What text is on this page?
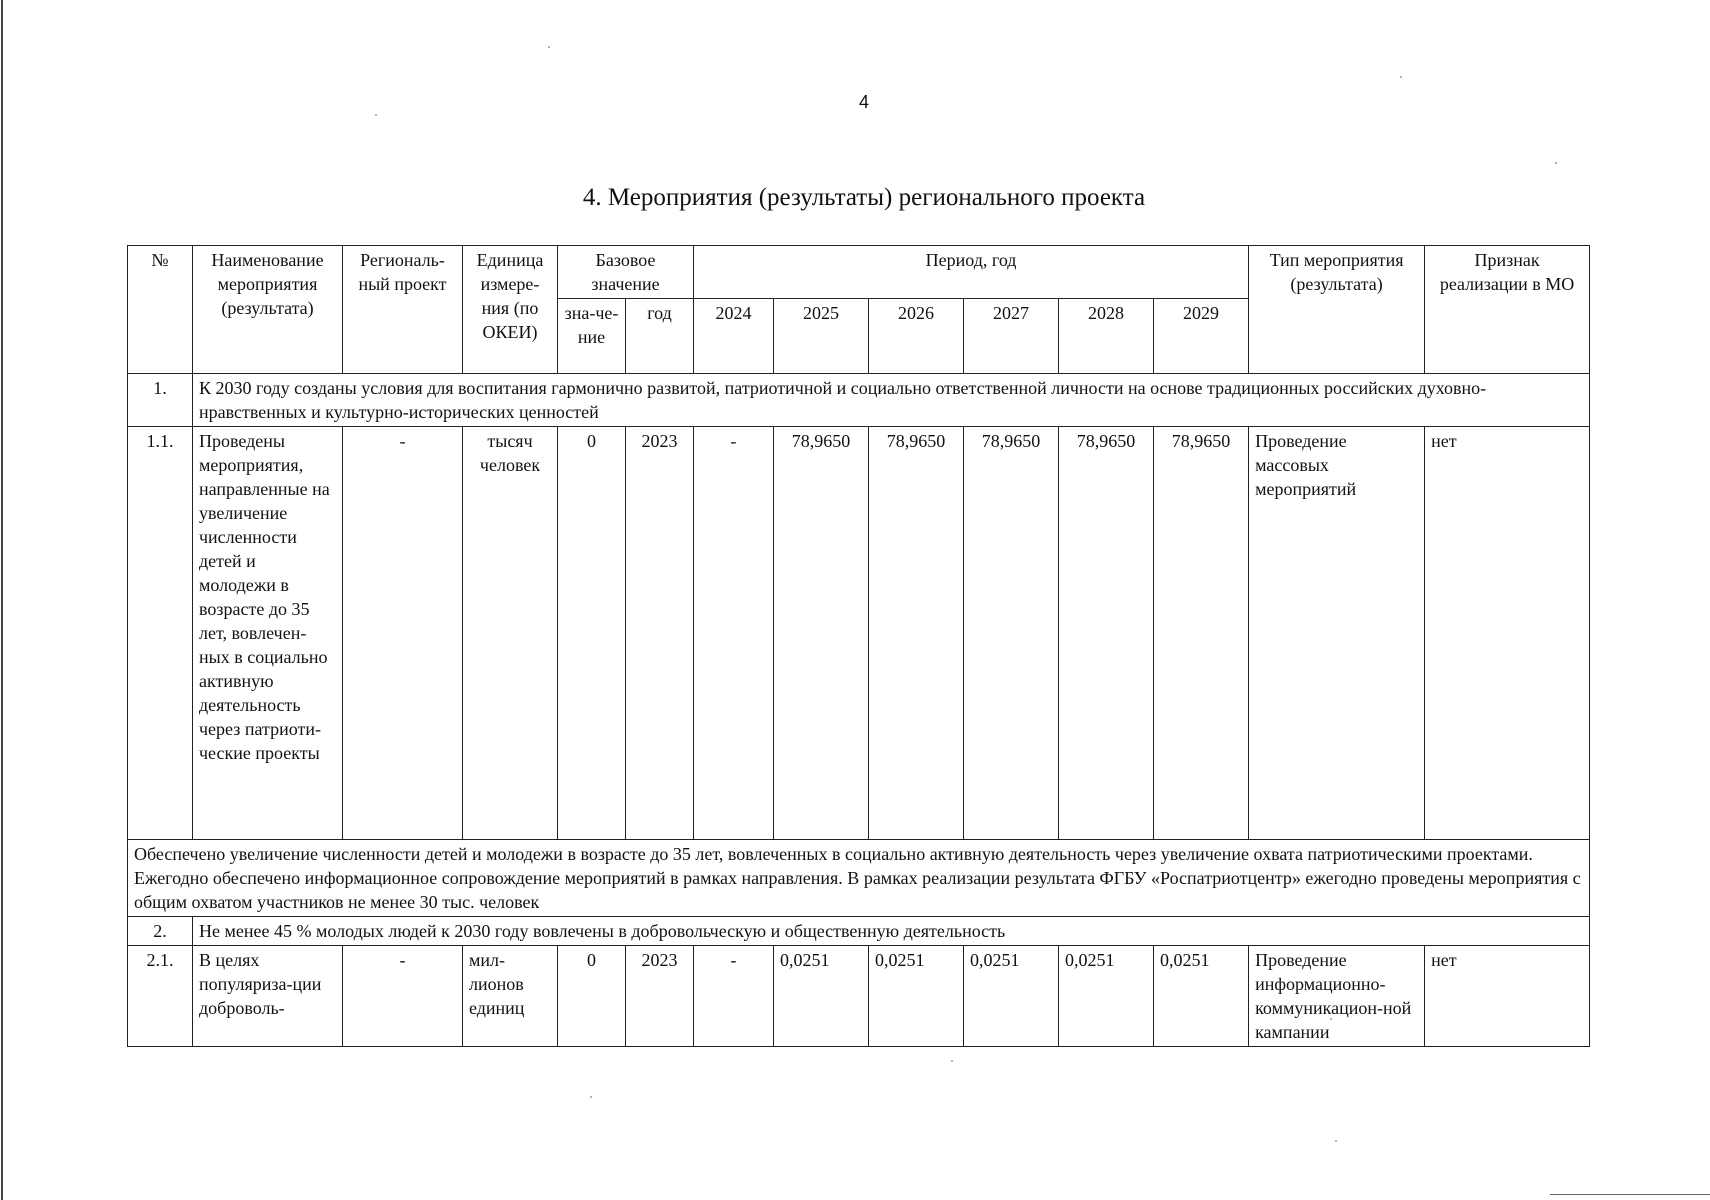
4
4. Мероприятия (результаты) регионального проекта
№	Наименование мероприятия (результата)	Региональ-ный проект	Единица измере-ния (по ОКЕИ)	Базовое значение		Период, год						Тип мероприятия (результата)	Признак реализации в МО
				зна-че-ние	год	2024	2025	2026	2027	2028	2029		
1.	К 2030 году созданы условия для воспитания гармонично развитой, патриотичной и социально ответственной личности на основе традиционных российских духовно-нравственных и культурно-исторических ценностей												
1.1.	Проведены мероприятия, направленные на увеличение численности детей и молодежи в возрасте до 35 лет, вовлечен-ных в социально активную деятельность через патриоти-ческие проекты	-	тысяч человек	0	2023	-	78,9650	78,9650	78,9650	78,9650	78,9650	Проведение массовых мероприятий	нет
Обеспечено увеличение численности детей и молодежи в возрасте до 35 лет, вовлеченных в социально активную деятельность через увеличение охвата патриотическими проектами. Ежегодно обеспечено информационное сопровождение мероприятий в рамках направления. В рамках реализации результата ФГБУ «Роспатриотцентр» ежегодно проведены мероприятия с общим охватом участников не менее 30 тыс. человек													
2.	Не менее 45 % молодых людей к 2030 году вовлечены в добровольческую и общественную деятельность												
2.1.	В целях популяриза-ции доброволь-	-	мил-лионов единиц	0	2023	-	0,0251	0,0251	0,0251	0,0251	0,0251	Проведение информационно-коммуникацион-ной кампании	нет
